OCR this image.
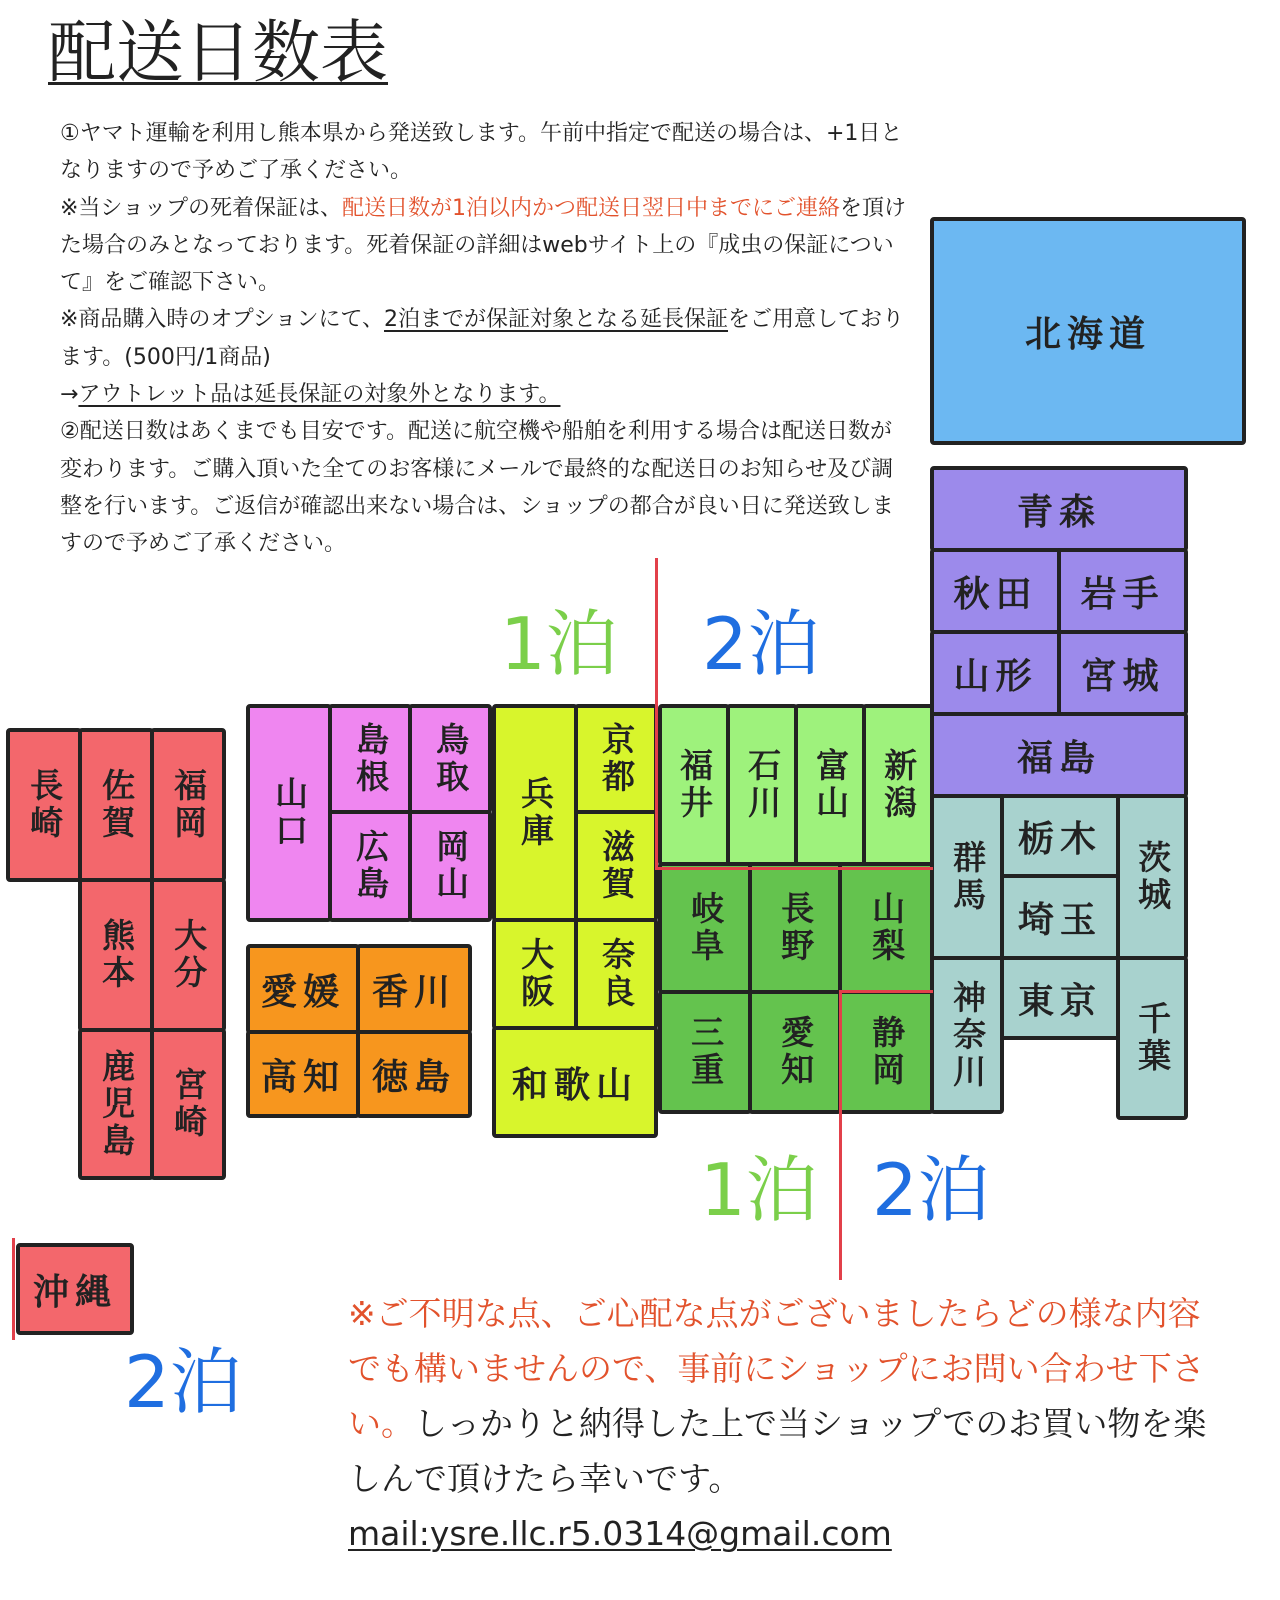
配送日数表

①ヤマト運輸を利用し熊本県から発送致します。午前中指定で配送の場合は、+1日となりますので予めご了承ください。

※当ショップの死着保証は、配送日数が1泊以内かつ配送日翌日中までにご連絡を頂けた場合のみとなっております。死着保証の詳細はwebサイト上の『成虫の保証について』をご確認下さい。

※商品購入時のオプションにて、2泊までが保証対象となる延長保証をご用意しております。(500円/1商品)

→アウトレット品は延長保証の対象外となります。

②配送日数はあくまでも目安です。配送に航空機や船舶を利用する場合は配送日数が変わります。ご購入頂いた全てのお客様にメールで最終的な配送日のお知らせ及び調整を行います。ご返信が確認出来ない場合は、ショップの都合が良い日に発送致しますので予めご了承ください。

北海道
青森
秋田 岩手
山形 宮城
福島
群馬
栃木
茨城
埼玉
神奈川 東京 千葉
福井 石川 富山 新潟
岐阜 長野 山梨
三重 愛知 静岡
兵庫
京都
滋賀
大阪 奈良
和歌山
山口
島根 鳥取
広島 岡山
愛媛 香川
高知 徳島
長崎 佐賀 福岡
熊本 大分
鹿児島 宮崎
沖縄
1泊 2泊
1泊 2泊
2泊

※ご不明な点、ご心配な点がございましたらどの様な内容でも構いませんので、事前にショップにお問い合わせ下さい。しっかりと納得した上で当ショップでのお買い物を楽しんで頂けたら幸いです。

mail:ysre.llc.r5.0314@gmail.com
